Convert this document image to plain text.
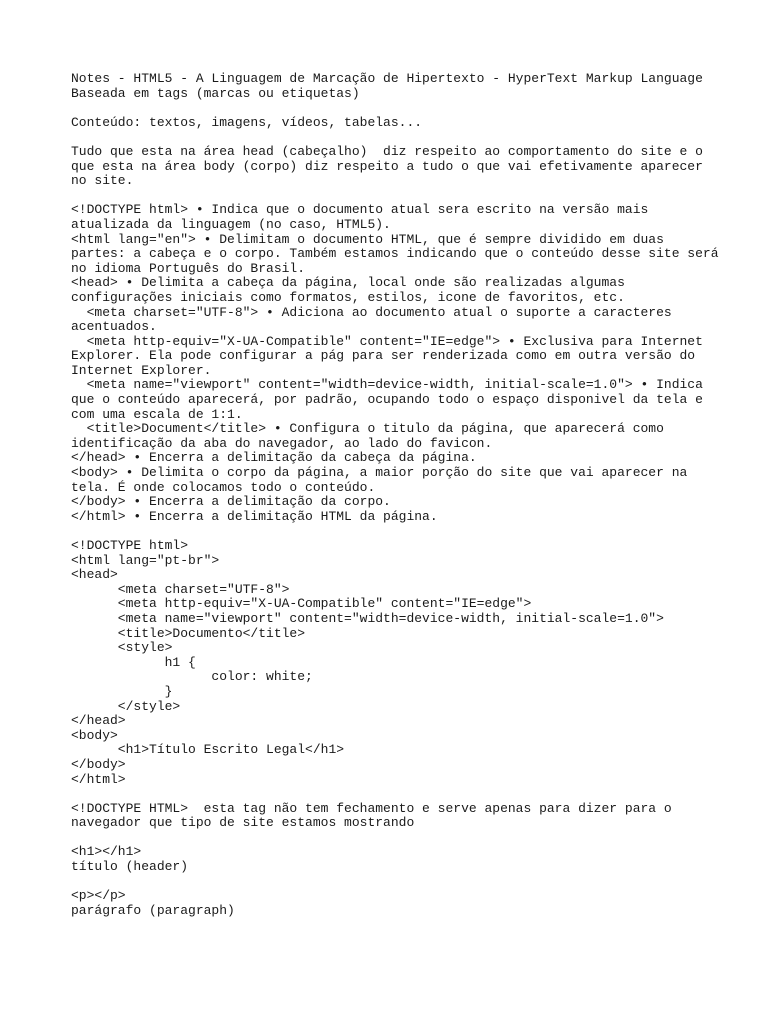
Notes - HTML5 - A Linguagem de Marcação de Hipertexto - HyperText Markup Language
Baseada em tags (marcas ou etiquetas)
Conteúdo: textos, imagens, vídeos, tabelas...
Tudo que esta na área head (cabeçalho)  diz respeito ao comportamento do site e o
que esta na área body (corpo) diz respeito a tudo o que vai efetivamente aparecer
no site.
<!DOCTYPE html> • Indica que o documento atual sera escrito na versão mais
atualizada da linguagem (no caso, HTML5).
<html lang="en"> • Delimitam o documento HTML, que é sempre dividido em duas
partes: a cabeça e o corpo. Também estamos indicando que o conteúdo desse site será
no idioma Português do Brasil.
<head> • Delimita a cabeça da página, local onde são realizadas algumas
configurações iniciais como formatos, estilos, icone de favoritos, etc.
<meta charset="UTF-8"> • Adiciona ao documento atual o suporte a caracteres
acentuados.
<meta http-equiv="X-UA-Compatible" content="IE=edge"> • Exclusiva para Internet
Explorer. Ela pode configurar a pág para ser renderizada como em outra versão do
Internet Explorer.
<meta name="viewport" content="width=device-width, initial-scale=1.0"> • Indica
que o conteúdo aparecerá, por padrão, ocupando todo o espaço disponivel da tela e
com uma escala de 1:1.
<title>Document</title> • Configura o titulo da página, que aparecerá como
identificação da aba do navegador, ao lado do favicon.
</head> • Encerra a delimitação da cabeça da página.
<body> • Delimita o corpo da página, a maior porção do site que vai aparecer na
tela. É onde colocamos todo o conteúdo.
</body> • Encerra a delimitação da corpo.
</html> • Encerra a delimitação HTML da página.
<!DOCTYPE html>
<html lang="pt-br">
<head>
<meta charset="UTF-8">
<meta http-equiv="X-UA-Compatible" content="IE=edge">
<meta name="viewport" content="width=device-width, initial-scale=1.0">
<title>Documento</title>
<style>
h1 {
color: white;
}
</style>
</head>
<body>
<h1>Título Escrito Legal</h1>
</body>
</html>
<!DOCTYPE HTML>  esta tag não tem fechamento e serve apenas para dizer para o
navegador que tipo de site estamos mostrando
<h1></h1>
título (header)
<p></p>
parágrafo (paragraph)
